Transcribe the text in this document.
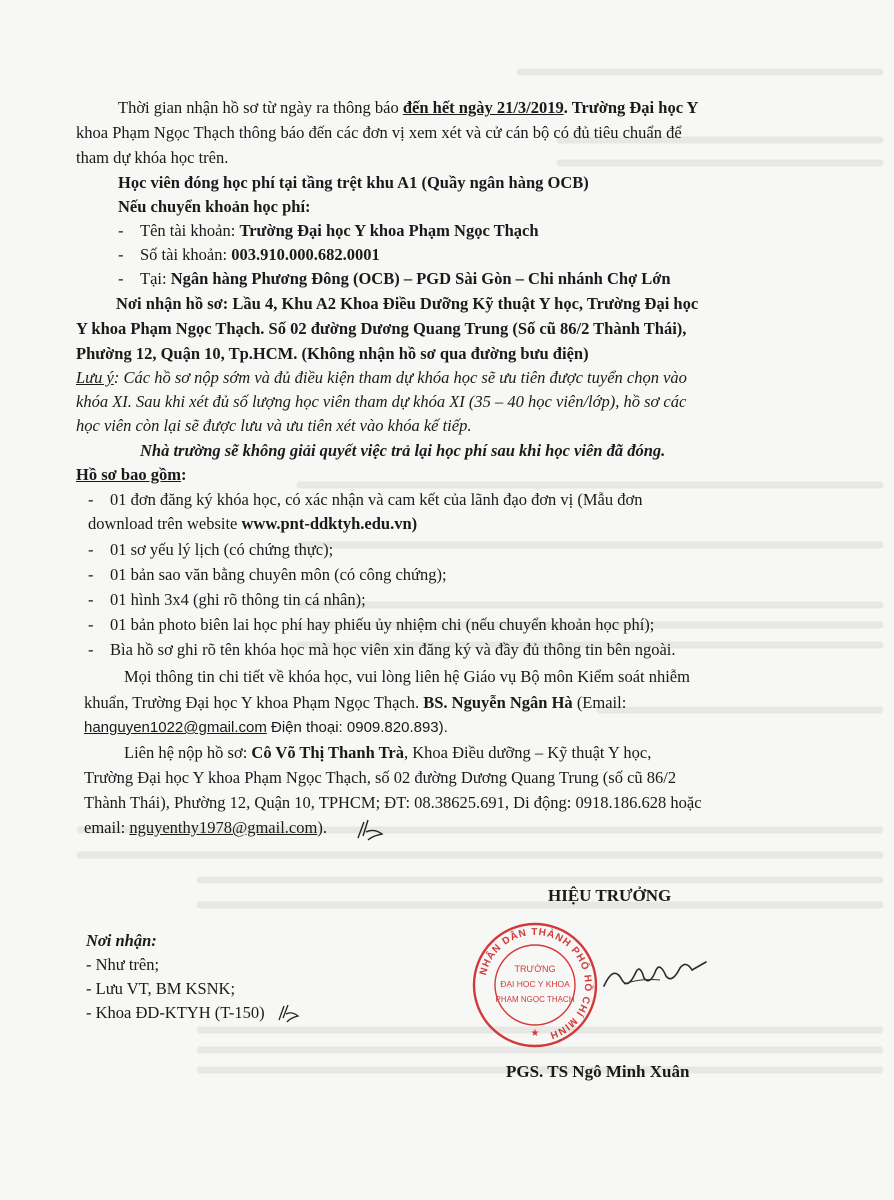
Thời gian nhận hồ sơ từ ngày ra thông báo đến hết ngày 21/3/2019. Trường Đại học Y
khoa Phạm Ngọc Thạch thông báo đến các đơn vị xem xét và cử cán bộ có đủ tiêu chuẩn để
tham dự khóa học trên.
Học viên đóng học phí tại tầng trệt khu A1 (Quầy ngân hàng OCB)
Nếu chuyển khoản học phí:
- Tên tài khoản: Trường Đại học Y khoa Phạm Ngọc Thạch
- Số tài khoản: 003.910.000.682.0001
- Tại: Ngân hàng Phương Đông (OCB) – PGD Sài Gòn – Chi nhánh Chợ Lớn
Nơi nhận hồ sơ: Lầu 4, Khu A2 Khoa Điều Dưỡng Kỹ thuật Y học, Trường Đại học
Y khoa Phạm Ngọc Thạch. Số 02 đường Dương Quang Trung (Số cũ 86/2 Thành Thái),
Phường 12, Quận 10, Tp.HCM. (Không nhận hồ sơ qua đường bưu điện)
Lưu ý: Các hồ sơ nộp sớm và đủ điều kiện tham dự khóa học sẽ ưu tiên được tuyển chọn vào
khóa XI. Sau khi xét đủ số lượng học viên tham dự khóa XI (35 – 40 học viên/lớp), hồ sơ các
học viên còn lại sẽ được lưu và ưu tiên xét vào khóa kế tiếp.
Nhà trường sẽ không giải quyết việc trả lại học phí sau khi học viên đã đóng.
Hồ sơ bao gồm:
- 01 đơn đăng ký khóa học, có xác nhận và cam kết của lãnh đạo đơn vị (Mẫu đơn
download trên website www.pnt-ddktyh.edu.vn)
- 01 sơ yếu lý lịch (có chứng thực);
- 01 bản sao văn bằng chuyên môn (có công chứng);
- 01 hình 3x4 (ghi rõ thông tin cá nhân);
- 01 bản photo biên lai học phí hay phiếu ủy nhiệm chi (nếu chuyển khoản học phí);
- Bìa hồ sơ ghi rõ tên khóa học mà học viên xin đăng ký và đầy đủ thông tin bên ngoài.
Mọi thông tin chi tiết về khóa học, vui lòng liên hệ Giáo vụ Bộ môn Kiểm soát nhiễm
khuẩn, Trường Đại học Y khoa Phạm Ngọc Thạch. BS. Nguyễn Ngân Hà (Email:
hanguyen1022@gmail.com Điện thoại: 0909.820.893).
Liên hệ nộp hồ sơ: Cô Võ Thị Thanh Trà, Khoa Điều dưỡng – Kỹ thuật Y học,
Trường Đại học Y khoa Phạm Ngọc Thạch, số 02 đường Dương Quang Trung (số cũ 86/2
Thành Thái), Phường 12, Quận 10, TPHCM; ĐT: 08.38625.691, Di động: 0918.186.628 hoặc
email: nguyenthy1978@gmail.com).
HIỆU TRƯỞNG
Nơi nhận:
- Như trên;
- Lưu VT, BM KSNK;
- Khoa ĐD-KTYH (T-150)
NHÂN DÂN THÀNH PHỐ HỒ CHÍ MINH
TRƯỜNG
ĐẠI HỌC Y KHOA
PHẠM NGỌC THẠCH
★
PGS. TS Ngô Minh Xuân
